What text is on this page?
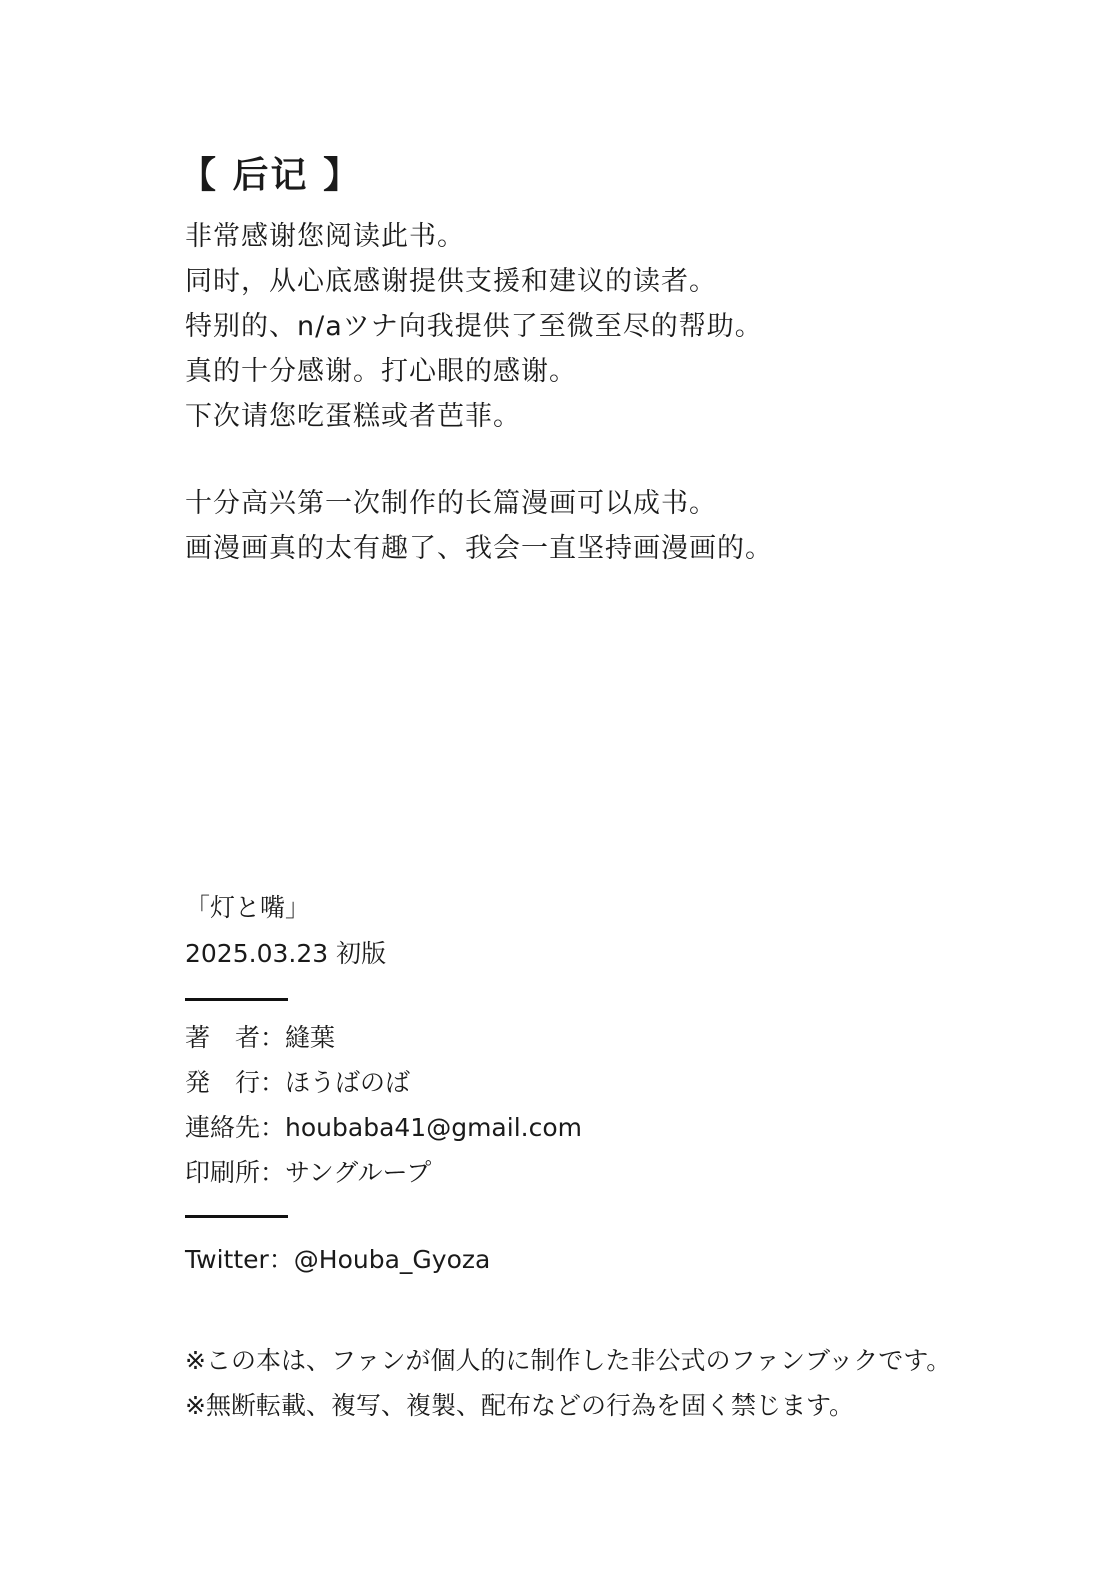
【 后记 】
非常感谢您阅读此书。
同时，从心底感谢提供支援和建议的读者。
特别的、n/aツナ向我提供了至微至尽的帮助。
真的十分感谢。打心眼的感谢。
下次请您吃蛋糕或者芭菲。
十分高兴第一次制作的长篇漫画可以成书。
画漫画真的太有趣了、我会一直坚持画漫画的。
「灯と嘴」
2025.03.23 初版
著　者：縫葉
発　行：ほうばのば
連絡先：houbaba41@gmail.com
印刷所：サングループ
Twitter：@Houba_Gyoza
※この本は、ファンが個人的に制作した非公式のファンブックです。
※無断転載、複写、複製、配布などの行為を固く禁じます。
